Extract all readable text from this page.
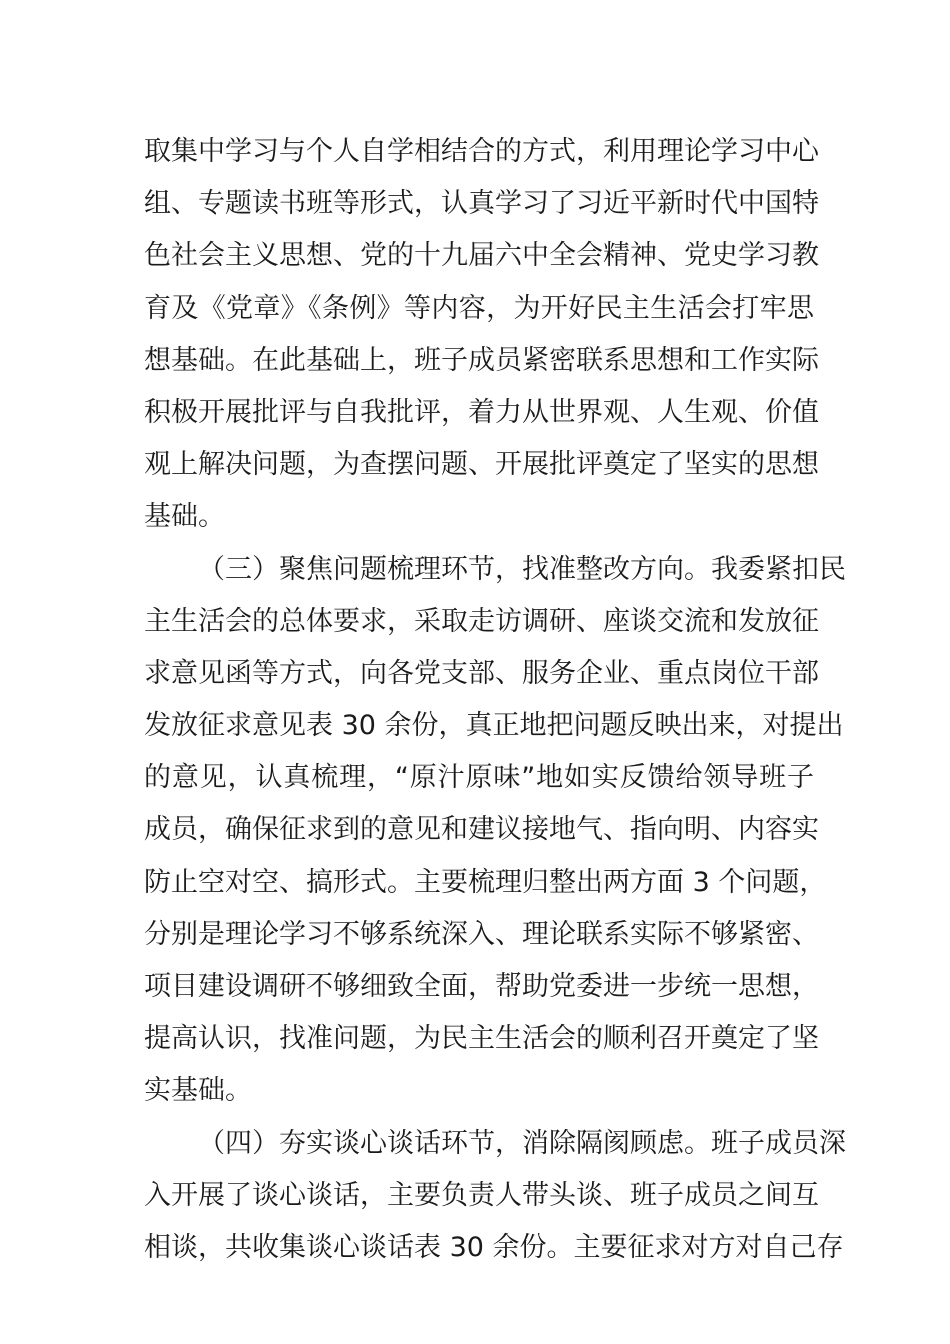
取集中学习与个人自学相结合的方式，利用理论学习中心
组、专题读书班等形式，认真学习了习近平新时代中国特
色社会主义思想、党的十九届六中全会精神、党史学习教
育及《党章》《条例》等内容，为开好民主生活会打牢思
想基础。在此基础上，班子成员紧密联系思想和工作实际
积极开展批评与自我批评，着力从世界观、人生观、价值
观上解决问题，为查摆问题、开展批评奠定了坚实的思想
基础。
（三）聚焦问题梳理环节，找准整改方向。我委紧扣民
主生活会的总体要求，采取走访调研、座谈交流和发放征
求意见函等方式，向各党支部、服务企业、重点岗位干部
发放征求意见表 30 余份，真正地把问题反映出来，对提出
的意见，认真梳理，“原汁原味”地如实反馈给领导班子
成员，确保征求到的意见和建议接地气、指向明、内容实
防止空对空、搞形式。主要梳理归整出两方面 3 个问题，
分别是理论学习不够系统深入、理论联系实际不够紧密、
项目建设调研不够细致全面，帮助党委进一步统一思想，
提高认识，找准问题，为民主生活会的顺利召开奠定了坚
实基础。
（四）夯实谈心谈话环节，消除隔阂顾虑。班子成员深
入开展了谈心谈话，主要负责人带头谈、班子成员之间互
相谈，共收集谈心谈话表 30 余份。主要征求对方对自己存
